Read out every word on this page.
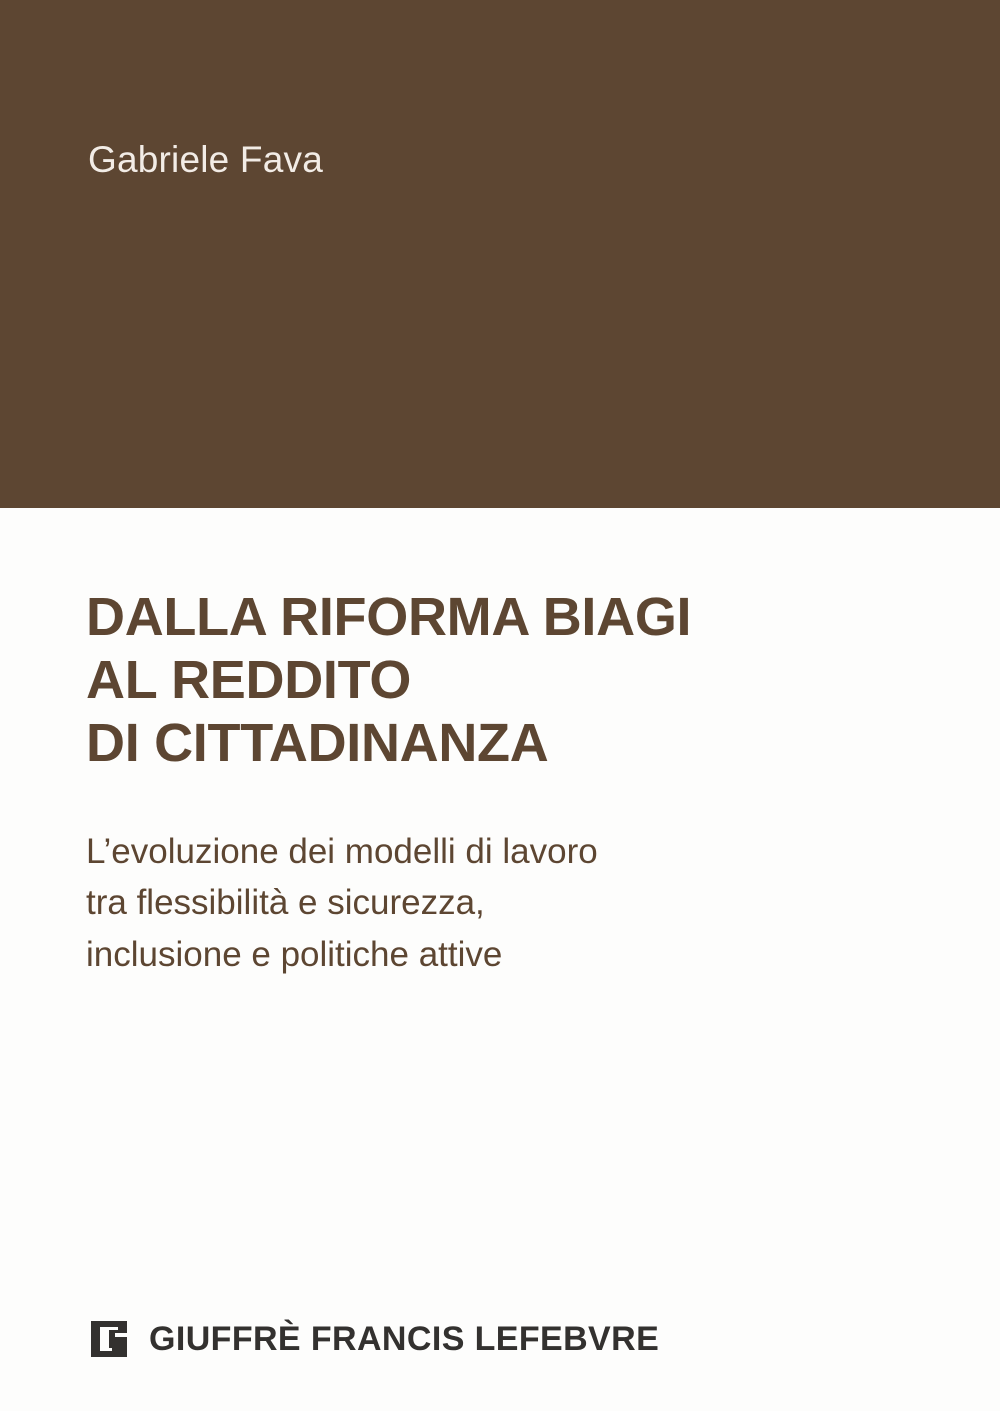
Gabriele Fava
DALLA RIFORMA BIAGI
AL REDDITO
DI CITTADINANZA
L’evoluzione dei modelli di lavoro
tra flessibilità e sicurezza,
inclusione e politiche attive
GIUFFRÈ FRANCIS LEFEBVRE
